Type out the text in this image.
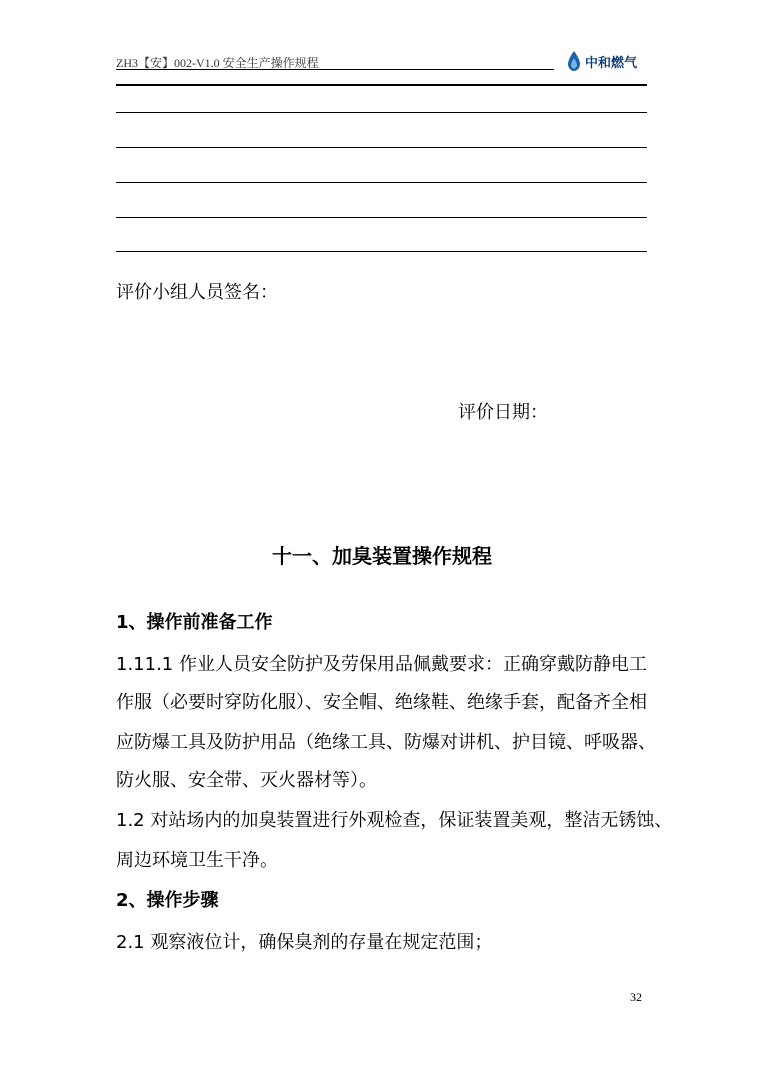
ZH3【安】002-V1.0 安全生产操作规程	中和燃气
评价小组人员签名：
评价日期：
十一、加臭装置操作规程
1、操作前准备工作
1.11.1 作业人员安全防护及劳保用品佩戴要求：正确穿戴防静电工
作服（必要时穿防化服）、安全帽、绝缘鞋、绝缘手套，配备齐全相
应防爆工具及防护用品（绝缘工具、防爆对讲机、护目镜、呼吸器、
防火服、安全带、灭火器材等）。
1.2 对站场内的加臭装置进行外观检查，保证装置美观，整洁无锈蚀、
周边环境卫生干净。
2、操作步骤
2.1 观察液位计，确保臭剂的存量在规定范围；
32
